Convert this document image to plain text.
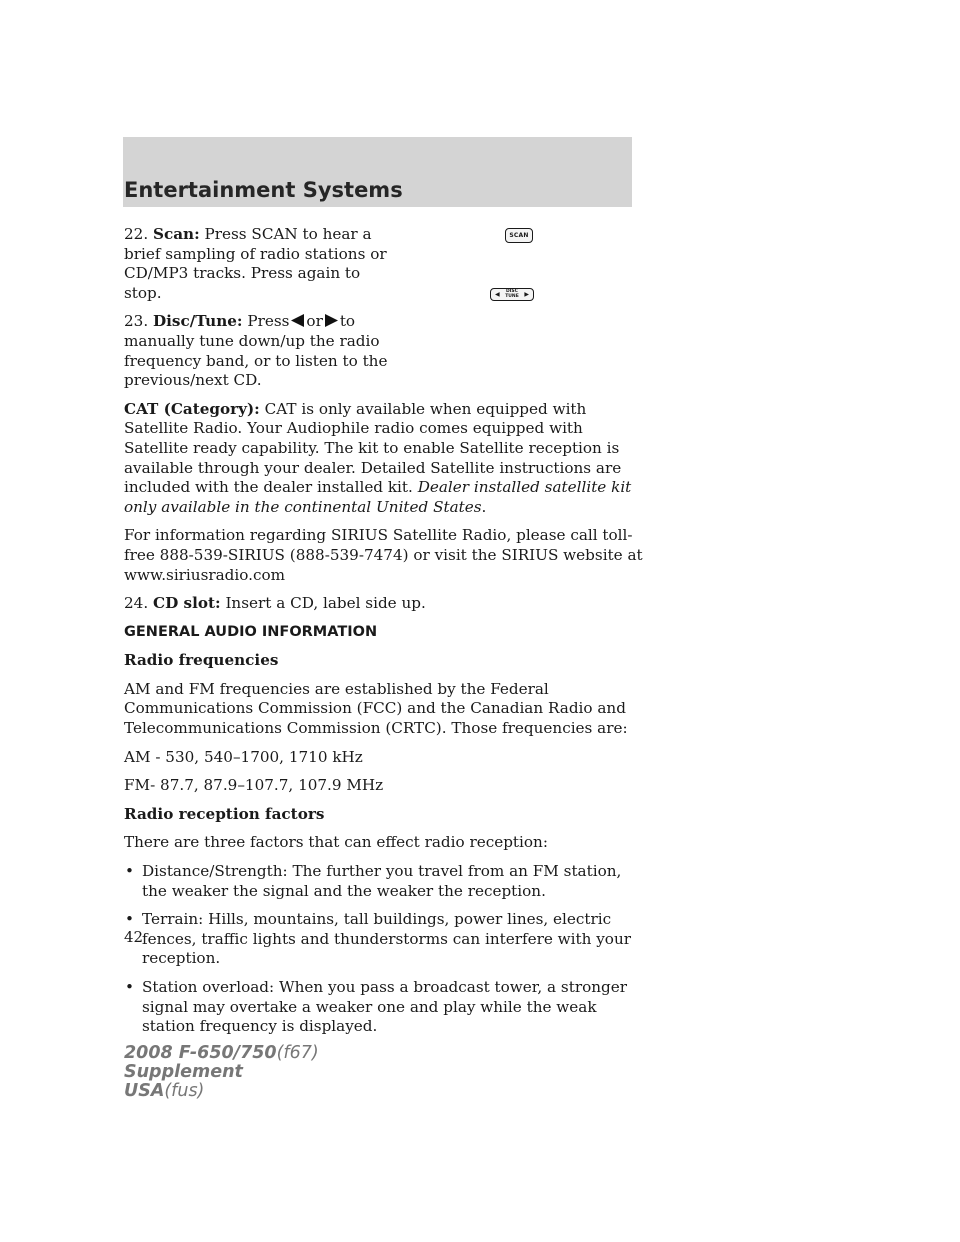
Entertainment Systems
SCAN
◀ DISC
TUNE ▶

22. Scan: Press SCAN to hear a brief sampling of radio stations or CD/MP3 tracks. Press again to stop.

23. Disc/Tune: Press or to manually tune down/up the radio frequency band, or to listen to the previous/next CD.

CAT (Category): CAT is only available when equipped with Satellite Radio. Your Audiophile radio comes equipped with Satellite ready capability. The kit to enable Satellite reception is available through your dealer. Detailed Satellite instructions are included with the dealer installed kit. Dealer installed satellite kit only available in the continental United States.

For information regarding SIRIUS Satellite Radio, please call toll-free 888-539-SIRIUS (888-539-7474) or visit the SIRIUS website at www.siriusradio.com

24. CD slot: Insert a CD, label side up.

GENERAL AUDIO INFORMATION

Radio frequencies

AM and FM frequencies are established by the Federal Communications Commission (FCC) and the Canadian Radio and Telecommunications Commission (CRTC). Those frequencies are:

AM - 530, 540–1700, 1710 kHz

FM- 87.7, 87.9–107.7, 107.9 MHz

Radio reception factors

There are three factors that can effect radio reception:

• Distance/Strength: The further you travel from an FM station, the weaker the signal and the weaker the reception.

• Terrain: Hills, mountains, tall buildings, power lines, electric fences, traffic lights and thunderstorms can interfere with your reception.

• Station overload: When you pass a broadcast tower, a stronger signal may overtake a weaker one and play while the weak station frequency is displayed.

42
2008 F-650/750(f67)
Supplement
USA(fus)
